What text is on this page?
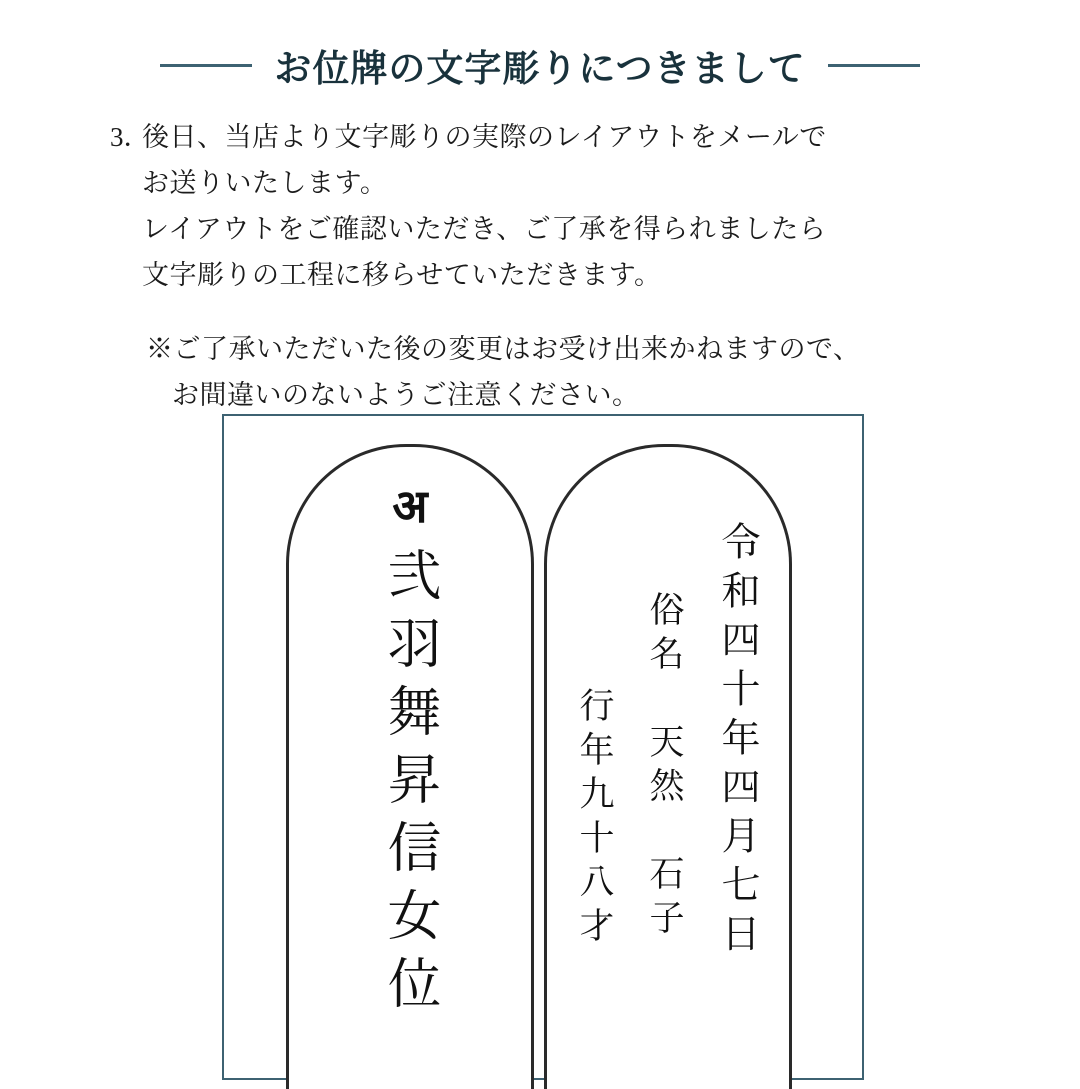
お位牌の文字彫りにつきまして
3．
後日、当店より文字彫りの実際のレイアウトをメールで
お送りいたします。
レイアウトをご確認いただき、ご了承を得られましたら
文字彫りの工程に移らせていただきます。
※ご了承いただいた後の変更はお受け出来かねますので、
お間違いのないようご注意ください。
अ
弐羽舞昇信女位	令和四十年四月七日
俗名　天然　石子
行年九十八才
